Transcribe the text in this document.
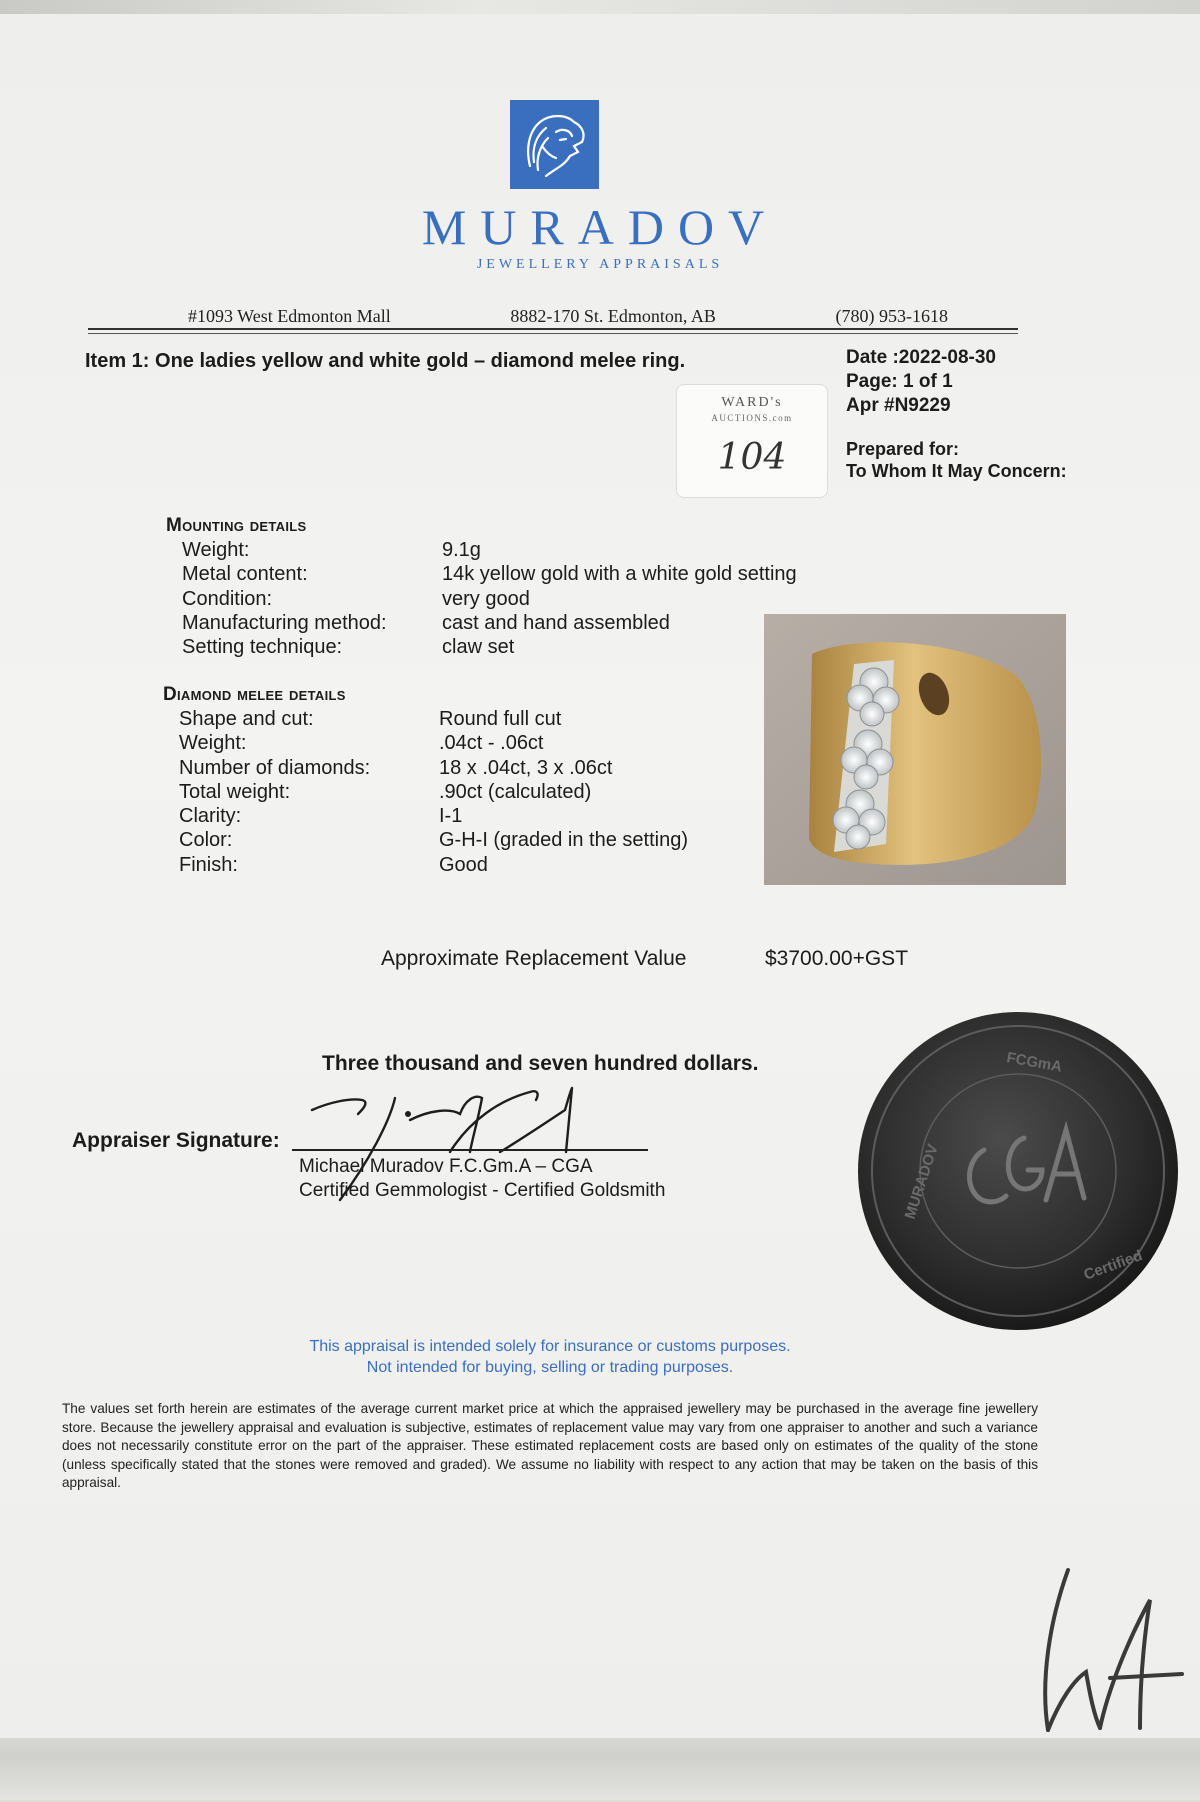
MURADOV
JEWELLERY APPRAISALS
#1093 West Edmonton Mall	8882-170 St. Edmonton, AB	(780) 953-1618
Item 1: One ladies yellow and white gold – diamond melee ring.	Date :2022-08-30
Page: 1 of 1
Apr #N9229
Prepared for:
To Whom It May Concern:
WARD's
AUCTIONS.com
104
Mounting details
Weight:	9.1g
Metal content:	14k yellow gold with a white gold setting
Condition:	very good
Manufacturing method:	cast and hand assembled
Setting technique:	claw set
Diamond melee details
Shape and cut:	Round full cut
Weight:	.04ct - .06ct
Number of diamonds:	18 x .04ct, 3 x .06ct
Total weight:	.90ct (calculated)
Clarity:	I-1
Color:	G-H-I (graded in the setting)
Finish:	Good
Approximate Replacement Value	$3700.00+GST
Three thousand and seven hundred dollars.
Appraiser Signature:
Michael Muradov F.C.Gm.A – CGA
Certified Gemmologist - Certified Goldsmith
FCGmA
MURADOV
Certified
This appraisal is intended solely for insurance or customs purposes.
Not intended for buying, selling or trading purposes.
The values set forth herein are estimates of the average current market price at which the appraised jewellery may be purchased in the average fine jewellery store. Because the jewellery appraisal and evaluation is subjective, estimates of replacement value may vary from one appraiser to another and such a variance does not necessarily constitute error on the part of the appraiser. These estimated replacement costs are based only on estimates of the quality of the stone (unless specifically stated that the stones were removed and graded). We assume no liability with respect to any action that may be taken on the basis of this appraisal.
